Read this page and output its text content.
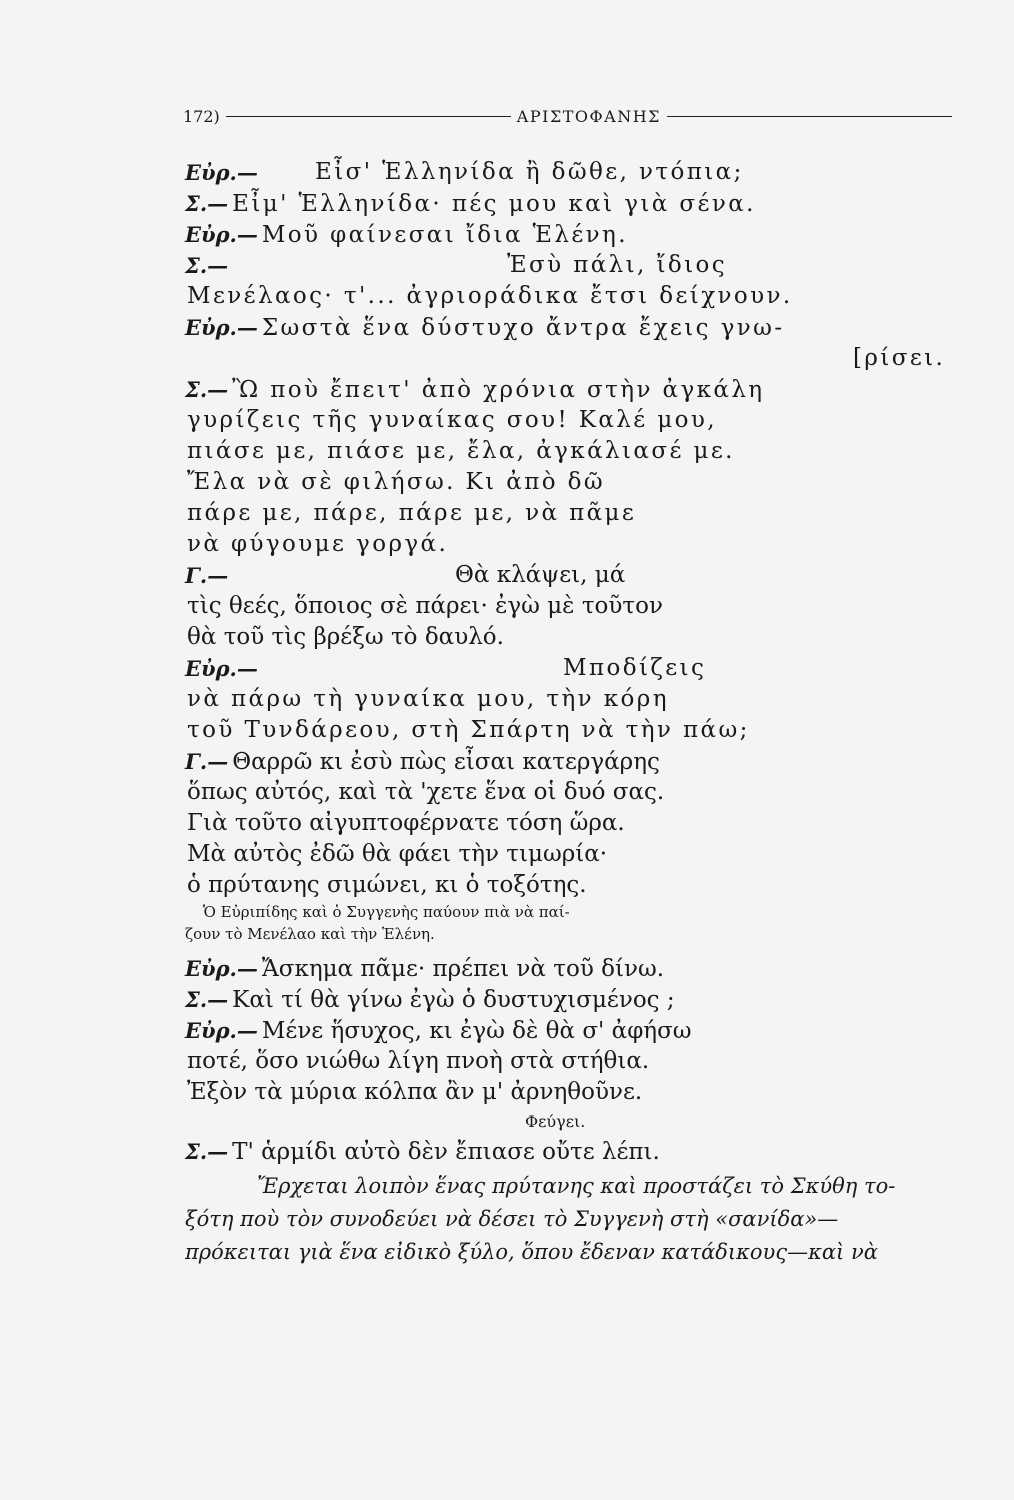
172)	ΑΡΙΣΤΟΦΑΝΗΣ
Εὐρ.— Εἶσ' Ἑλληνίδα ἢ δῶθε, ντόπια;
Σ.— Εἶμ' Ἑλληνίδα· πές μου καὶ γιὰ σένα.
Εὐρ.— Μοῦ φαίνεσαι ἴδια Ἑλένη.
Σ.—	Ἐσὺ πάλι, ἴδιος
Μενέλαος· τ'... ἀγριοράδικα ἔτσι δείχνουν.
Εὐρ.— Σωστὰ ἕνα δύστυχο ἄντρα ἔχεις γνω-
[ρίσει.
Σ.— Ὢ ποὺ ἔπειτ' ἀπὸ χρόνια στὴν ἀγκάλη
γυρίζεις τῆς γυναίκας σου! Καλέ μου,
πιάσε με, πιάσε με, ἔλα, ἀγκάλιασέ με.
Ἔλα νὰ σὲ φιλήσω. Κι ἀπὸ δῶ
πάρε με, πάρε, πάρε με, νὰ πᾶμε
νὰ φύγουμε γοργά.
Γ.—	Θὰ κλάψει, μά
τὶς θεές, ὅποιος σὲ πάρει· ἐγὼ μὲ τοῦτον
θὰ τοῦ τὶς βρέξω τὸ δαυλό.
Εὐρ.—	Μποδίζεις
νὰ πάρω τὴ γυναίκα μου, τὴν κόρη
τοῦ Τυνδάρεου, στὴ Σπάρτη νὰ τὴν πάω;
Γ.— Θαρρῶ κι ἐσὺ πὼς εἶσαι κατεργάρης
ὅπως αὐτός, καὶ τὰ 'χετε ἕνα οἱ δυό σας.
Γιὰ τοῦτο αἰγυπτοφέρνατε τόση ὥρα.
Μὰ αὐτὸς ἐδῶ θὰ φάει τὴν τιμωρία·
ὁ πρύτανης σιμώνει, κι ὁ τοξότης.
Ὁ Εὐριπίδης καὶ ὁ Συγγενὴς παύουν πιὰ νὰ παί-
ζουν τὸ Μενέλαο καὶ τὴν Ἑλένη.
Εὐρ.— Ἄσκημα πᾶμε· πρέπει νὰ τοῦ δίνω.
Σ.— Καὶ τί θὰ γίνω ἐγὼ ὁ δυστυχισμένος ;
Εὐρ.— Μένε ἥσυχος, κι ἐγὼ δὲ θὰ σ' ἀφήσω
ποτέ, ὅσο νιώθω λίγη πνοὴ στὰ στήθια.
Ἐξὸν τὰ μύρια κόλπα ἂν μ' ἀρνηθοῦνε.
Φεύγει.
Σ.— Τ' ἁρμίδι αὐτὸ δὲν ἔπιασε οὔτε λέπι.
Ἔρχεται λοιπὸν ἕνας πρύτανης καὶ προστάζει τὸ Σκύθη το-
ξότη ποὺ τὸν συνοδεύει νὰ δέσει τὸ Συγγενὴ στὴ «σανίδα»—
πρόκειται γιὰ ἕνα εἰδικὸ ξύλο, ὅπου ἔδεναν κατάδικους—καὶ νὰ
